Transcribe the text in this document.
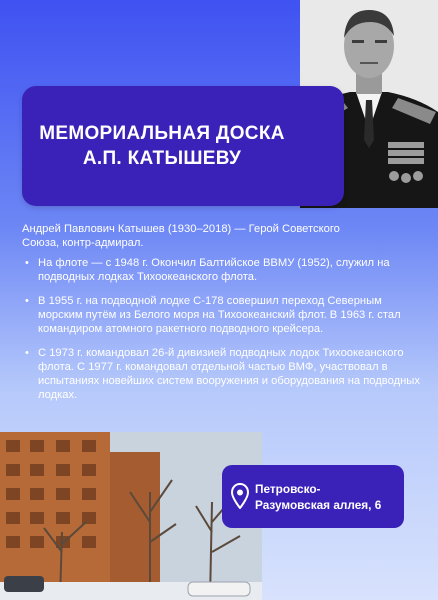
МЕМОРИАЛЬНАЯ ДОСКА
А.П. КАТЫШЕВУ
Андрей Павлович Катышев (1930–2018) — Герой Советского Союза, контр-адмирал.
• На флоте — с 1948 г. Окончил Балтийское ВВМУ (1952), служил на подводных лодках Тихоокеанского флота.
• В 1955 г. на подводной лодке С-178 совершил переход Северным морским путём из Белого моря на Тихоокеанский флот. В 1963 г. стал командиром атомного ракетного подводного крейсера.
• С 1973 г. командовал 26-й дивизией подводных лодок Тихоокеанского флота. С 1977 г. командовал отдельной частью ВМФ, участвовал в испытаниях новейших систем вооружения и оборудования на подводных лодках.
Петровско-
Разумовская аллея, 6
